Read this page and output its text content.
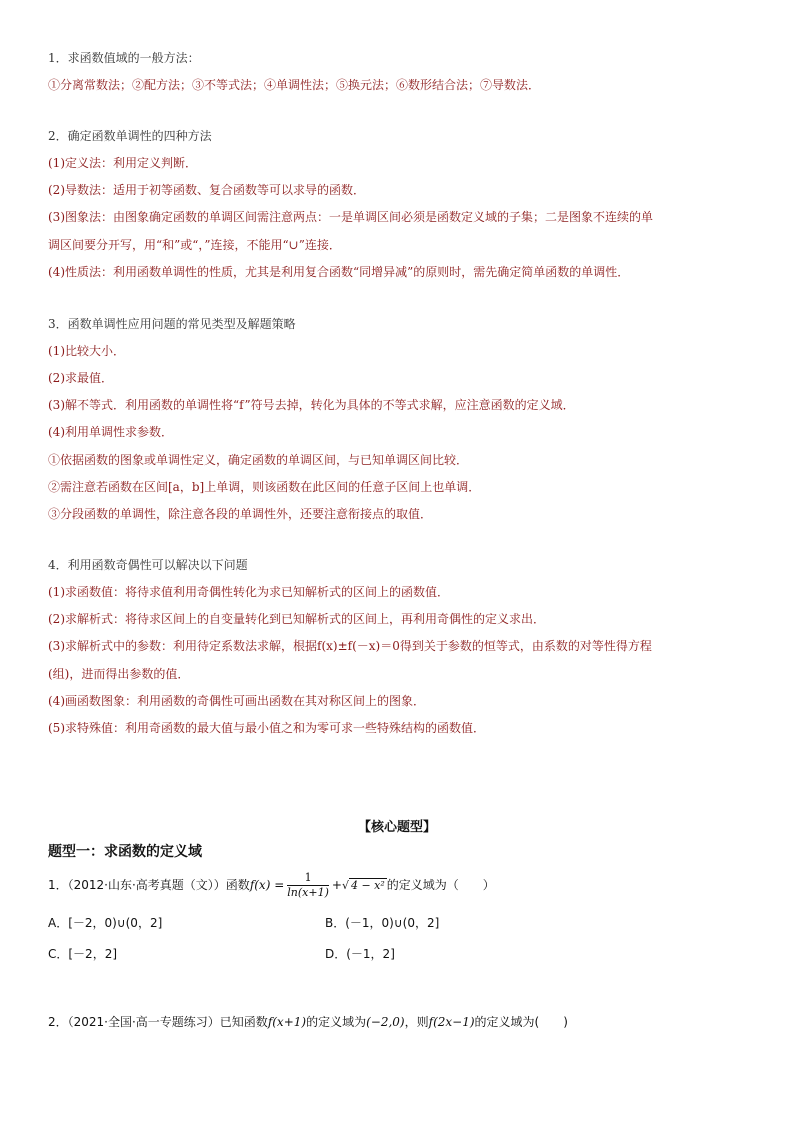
1．求函数值域的一般方法：
①分离常数法；②配方法；③不等式法；④单调性法；⑤换元法；⑥数形结合法；⑦导数法．
2．确定函数单调性的四种方法
(1)定义法：利用定义判断．
(2)导数法：适用于初等函数、复合函数等可以求导的函数．
(3)图象法：由图象确定函数的单调区间需注意两点：一是单调区间必须是函数定义域的子集；二是图象不连续的单
调区间要分开写，用“和”或“，”连接，不能用“∪”连接．
(4)性质法：利用函数单调性的性质，尤其是利用复合函数“同增异减”的原则时，需先确定简单函数的单调性．
3．函数单调性应用问题的常见类型及解题策略
(1)比较大小．
(2)求最值．
(3)解不等式．利用函数的单调性将“f”符号去掉，转化为具体的不等式求解，应注意函数的定义域．
(4)利用单调性求参数．
①依据函数的图象或单调性定义，确定函数的单调区间，与已知单调区间比较．
②需注意若函数在区间[a，b]上单调，则该函数在此区间的任意子区间上也单调．
③分段函数的单调性，除注意各段的单调性外，还要注意衔接点的取值．
4．利用函数奇偶性可以解决以下问题
(1)求函数值：将待求值利用奇偶性转化为求已知解析式的区间上的函数值．
(2)求解析式：将待求区间上的自变量转化到已知解析式的区间上，再利用奇偶性的定义求出．
(3)求解析式中的参数：利用待定系数法求解，根据f(x)±f(－x)＝0得到关于参数的恒等式，由系数的对等性得方程
(组)，进而得出参数的值．
(4)画函数图象：利用函数的奇偶性可画出函数在其对称区间上的图象．
(5)求特殊值：利用奇函数的最大值与最小值之和为零可求一些特殊结构的函数值．
【核心题型】
题型一：求函数的定义域
1．（2012·山东·高考真题（文））函数$f(x) = \frac{1}{\ln(x+1)}$ +√ 4 − x² 的定义域为（　　）
A．[－2，0)∪(0，2]	B．(－1，0)∪(0，2]
C．[－2，2]	D．(－1，2]
2．（2021·全国·高一专题练习）已知函数f(x+1)的定义域为(−2,0)，则f(2x−1)的定义域为(　　)
